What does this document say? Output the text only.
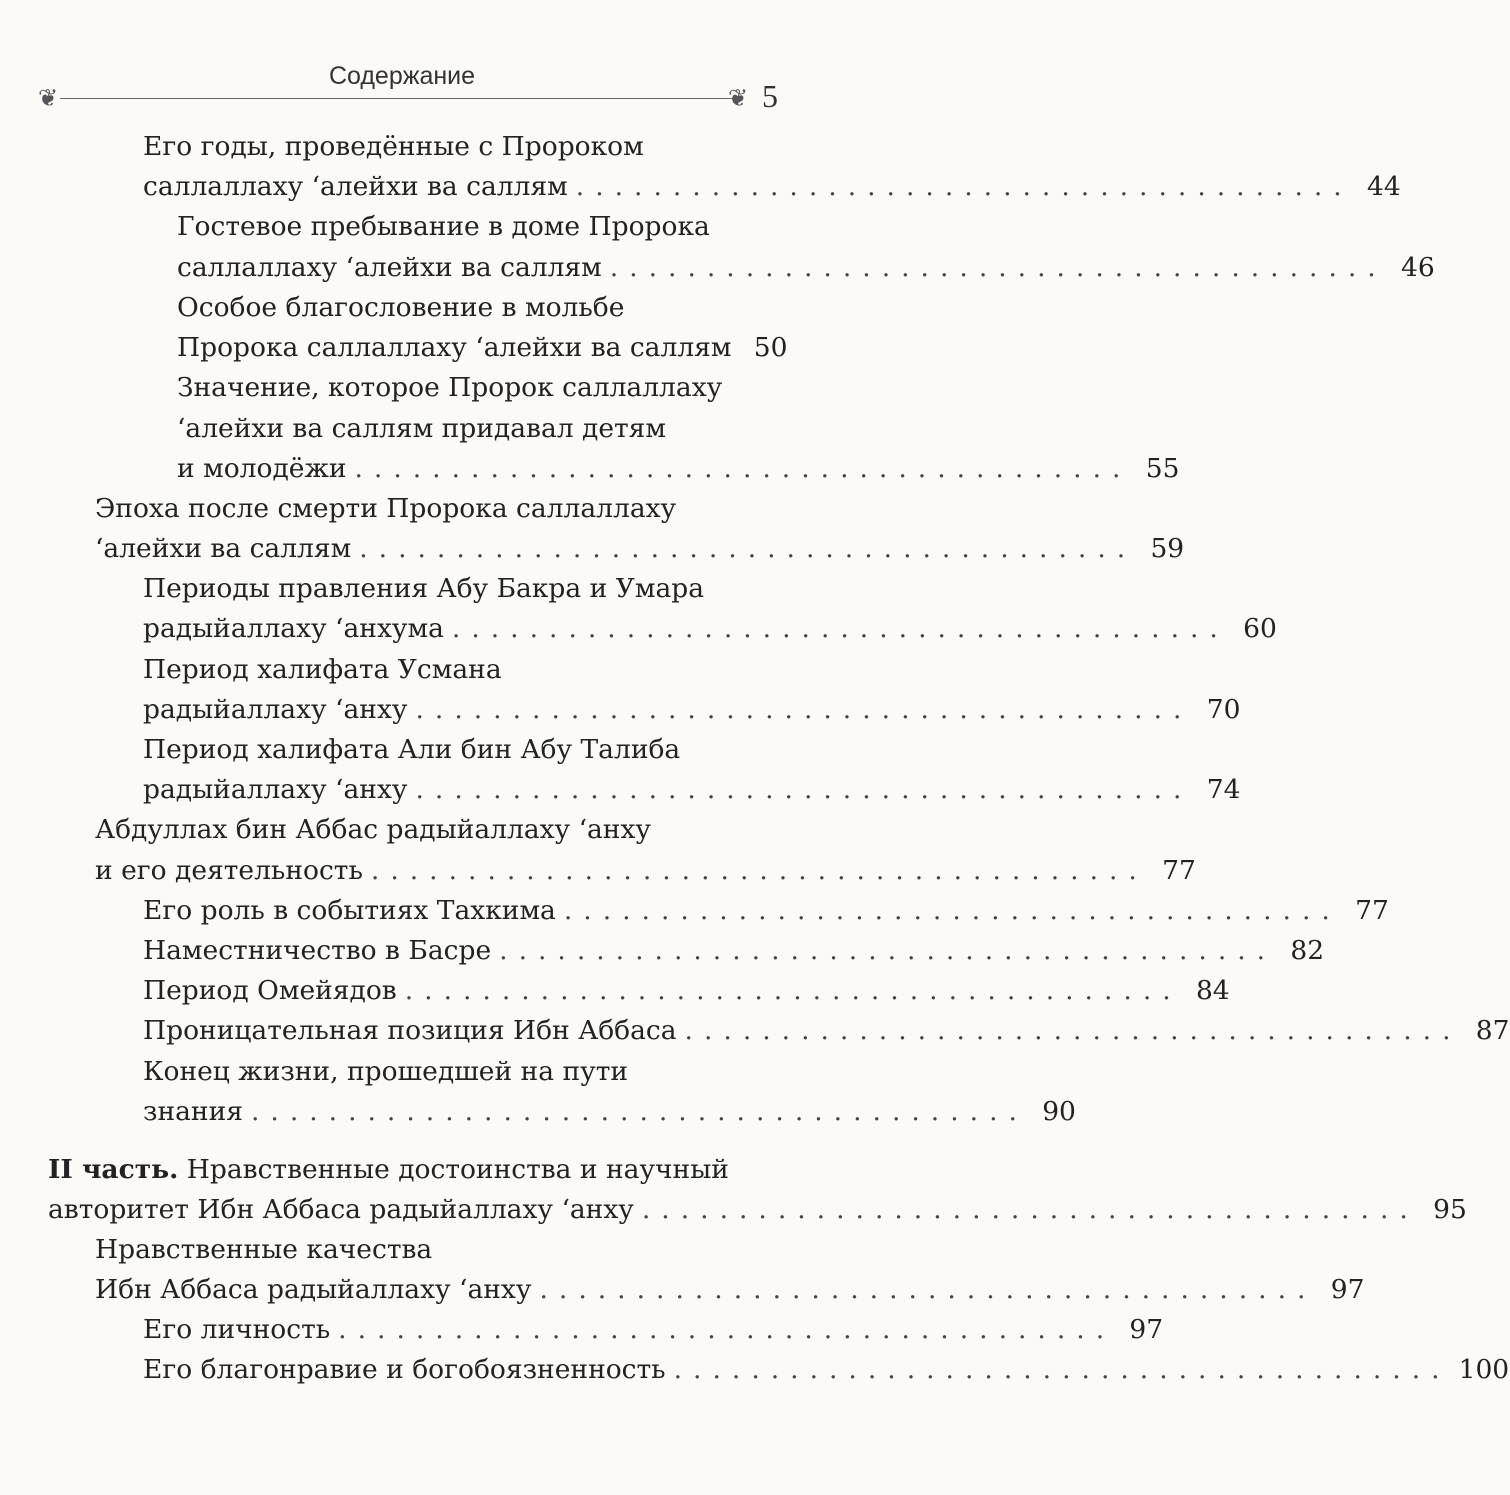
❦	❦
Содержание
5
Его годы, проведённые с Пророком
саллаллаху ‘алейхи ва саллям ........................................ 44
Гостевое пребывание в доме Пророка
саллаллаху ‘алейхи ва саллям ........................................ 46
Особое благословение в мольбе
Пророка саллаллаху ‘алейхи ва саллям 50
Значение, которое Пророк саллаллаху
‘алейхи ва саллям придавал детям
и молодёжи ........................................ 55
Эпоха после смерти Пророка саллаллаху
‘алейхи ва саллям ........................................ 59
Периоды правления Абу Бакра и Умара
радыйаллаху ‘анхума ........................................ 60
Период халифата Усмана
радыйаллаху ‘анху ........................................ 70
Период халифата Али бин Абу Талиба
радыйаллаху ‘анху ........................................ 74
Абдуллах бин Аббас радыйаллаху ‘анху
и его деятельность ........................................ 77
Его роль в событиях Тахкима ........................................ 77
Наместничество в Басре ........................................ 82
Период Омейядов ........................................ 84
Проницательная позиция Ибн Аббаса ........................................ 87
Конец жизни, прошедшей на пути
знания ........................................ 90
II часть. Нравственные достоинства и научный
авторитет Ибн Аббаса радыйаллаху ‘анху ........................................ 95
Нравственные качества
Ибн Аббаса радыйаллаху ‘анху ........................................ 97
Его личность ........................................ 97
Его благонравие и богобоязненность ........................................ 100
